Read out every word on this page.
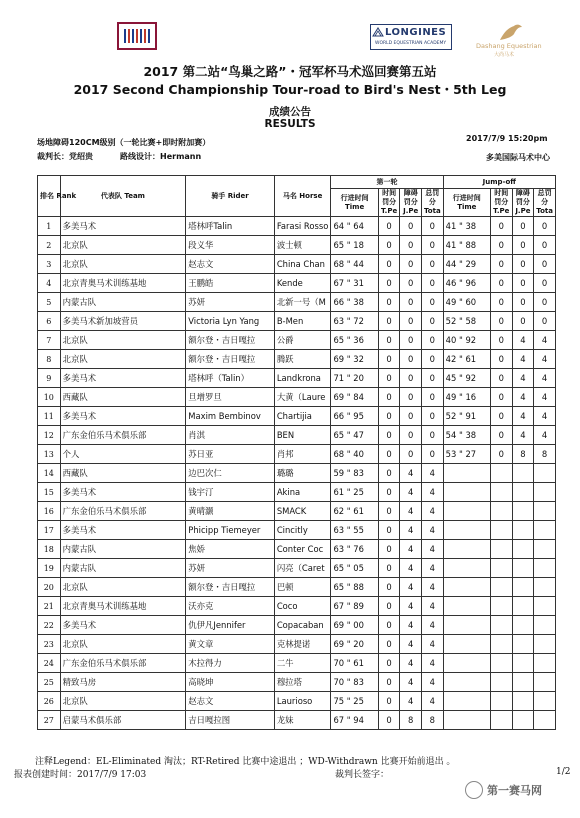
LONGINES
WORLD EQUESTRIAN ACADEMY	Dashang Equestrian
大尚马术
2017 第二站“鸟巢之路”・冠军杯马术巡回赛第五站
2017 Second Championship Tour-road to Bird's Nest・5th Leg
成绩公告
RESULTS
场地障碍120CM级别（一轮比赛+即时附加赛）	2017/7/9 15:20pm
裁判长：党绍贵	路线设计：Hermann	多美国际马术中心
排名 Rank	代表队 Team	骑手 Rider	马名 Horse	第一轮				Jump-off			
				行进时间 Time	时间 罚分 T.Pe	障碍 罚分 J.Pe	总罚 分 Tota	行进时间 Time	时间 罚分 T.Pe	障碍 罚分 J.Pe	总罚 分 Tota
1	多美马术	塔林呼Talin	Farasi Rosso	64 " 64	0	0	0	41 " 38	0	0	0
2	北京队	段义华	波士顿	65 " 18	0	0	0	41 " 88	0	0	0
3	北京队	赵志文	China Chan	68 " 44	0	0	0	44 " 29	0	0	0
4	北京青奥马术训练基地	王鹏皓	Kende	67 " 31	0	0	0	46 " 96	0	0	0
5	内蒙古队	苏妍	北新一号（M	66 " 38	0	0	0	49 " 60	0	0	0
6	多美马术新加坡营员	Victoria Lyn Yang	B-Men	63 " 72	0	0	0	52 " 58	0	0	0
7	北京队	额尔登・吉日嘎拉	公爵	65 " 36	0	0	0	40 " 92	0	4	4
8	北京队	额尔登・吉日嘎拉	腾跃	69 " 32	0	0	0	42 " 61	0	4	4
9	多美马术	塔林呼（Talin）	Landkrona	71 " 20	0	0	0	45 " 92	0	4	4
10	西藏队	旦增罗旦	大黄（Laure	69 " 84	0	0	0	49 " 16	0	4	4
11	多美马术	Maxim Bembinov	Chartijia	66 " 95	0	0	0	52 " 91	0	4	4
12	广东金伯乐马术俱乐部	肖淇	BEN	65 " 47	0	0	0	54 " 38	0	4	4
13	个人	苏日亚	肖邦	68 " 40	0	0	0	53 " 27	0	8	8
14	西藏队	边巴次仁	璐璐	59 " 83	0	4	4				
15	多美马术	钱宇汀	Akina	61 " 25	0	4	4				
16	广东金伯乐马术俱乐部	黄晴灏	SMACK	62 " 61	0	4	4				
17	多美马术	Phicipp Tiemeyer	Cincitly	63 " 55	0	4	4				
18	内蒙古队	焦娇	Conter Coc	63 " 76	0	4	4				
19	内蒙古队	苏妍	闪亮（Caret	65 " 05	0	4	4				
20	北京队	额尔登・吉日嘎拉	巴顿	65 " 88	0	4	4				
21	北京青奥马术训练基地	沃亦克	Coco	67 " 89	0	4	4				
22	多美马术	仇伊凡Jennifer	Copacaban	69 " 00	0	4	4				
23	北京队	黄文章	克林提诺	69 " 20	0	4	4				
24	广东金伯乐马术俱乐部	木拉得力	二牛	70 " 61	0	4	4				
25	精致马房	高晓坤	穆拉塔	70 " 83	0	4	4				
26	北京队	赵志文	Laurioso	75 " 25	0	4	4				
27	启蒙马术俱乐部	吉日嘎拉图	龙妹	67 " 94	0	8	8				
注释Legend：EL-Eliminated 淘汰；RT-Retired 比赛中途退出 ；WD-Withdrawn 比赛开始前退出 。
报表创建时间：2017/7/9 17:03	裁判长签字：	1/2
第一赛马网
